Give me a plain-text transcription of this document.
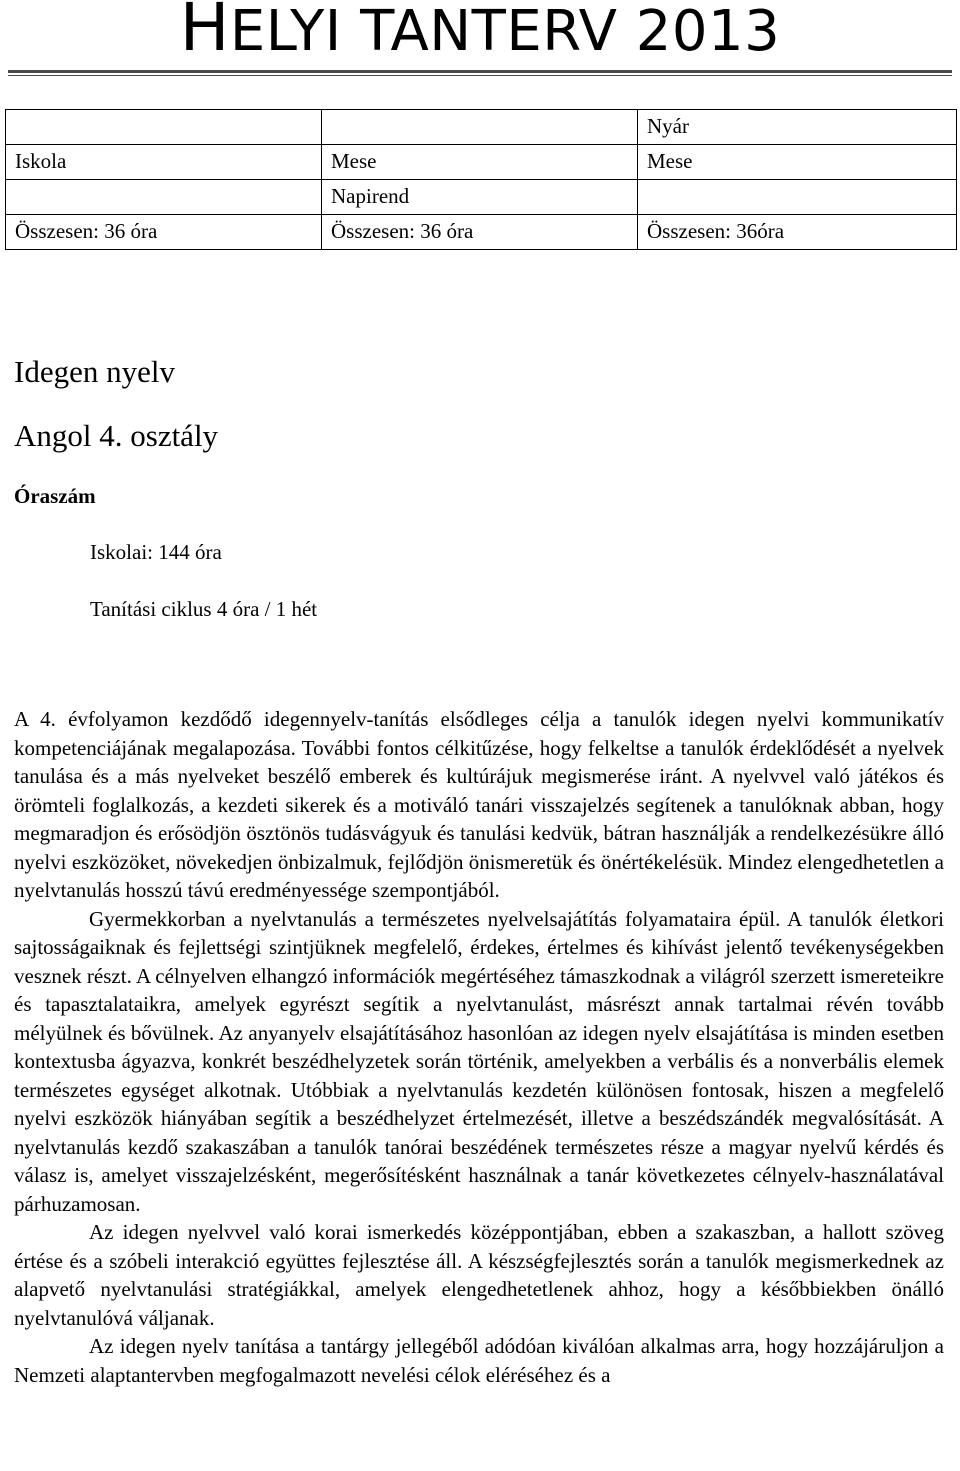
HELYI TANTERV 2013
		Nyár
Iskola	Mese	Mese
	Napirend	
Összesen: 36 óra	Összesen: 36 óra	Összesen: 36óra
Idegen nyelv
Angol 4. osztály
Óraszám
Iskolai: 144 óra
Tanítási ciklus 4 óra / 1 hét

A 4. évfolyamon kezdődő idegennyelv-tanítás elsődleges célja a tanulók idegen nyelvi kommunikatív kompetenciájának megalapozása. További fontos célkitűzése, hogy felkeltse a tanulók érdeklődését a nyelvek tanulása és a más nyelveket beszélő emberek és kultúrájuk megismerése iránt. A nyelvvel való játékos és örömteli foglalkozás, a kezdeti sikerek és a motiváló tanári visszajelzés segítenek a tanulóknak abban, hogy megmaradjon és erősödjön ösztönös tudásvágyuk és tanulási kedvük, bátran használják a rendelkezésükre álló nyelvi eszközöket, növekedjen önbizalmuk, fejlődjön önismeretük és önértékelésük. Mindez elengedhetetlen a nyelvtanulás hosszú távú eredményessége szempontjából.

Gyermekkorban a nyelvtanulás a természetes nyelvelsajátítás folyamataira épül. A tanulók életkori sajtosságaiknak és fejlettségi szintjüknek megfelelő, érdekes, értelmes és kihívást jelentő tevékenységekben vesznek részt. A célnyelven elhangzó információk megértéséhez támaszkodnak a világról szerzett ismereteikre és tapasztalataikra, amelyek egyrészt segítik a nyelvtanulást, másrészt annak tartalmai révén tovább mélyülnek és bővülnek. Az anyanyelv elsajátításához hasonlóan az idegen nyelv elsajátítása is minden esetben kontextusba ágyazva, konkrét beszédhelyzetek során történik, amelyekben a verbális és a nonverbális elemek természetes egységet alkotnak. Utóbbiak a nyelvtanulás kezdetén különösen fontosak, hiszen a megfelelő nyelvi eszközök hiányában segítik a beszédhelyzet értelmezését, illetve a beszédszándék megvalósítását. A nyelvtanulás kezdő szakaszában a tanulók tanórai beszédének természetes része a magyar nyelvű kérdés és válasz is, amelyet visszajelzésként, megerősítésként használnak a tanár következetes célnyelv-használatával párhuzamosan.

Az idegen nyelvvel való korai ismerkedés középpontjában, ebben a szakaszban, a hallott szöveg értése és a szóbeli interakció együttes fejlesztése áll. A készségfejlesztés során a tanulók megismerkednek az alapvető nyelvtanulási stratégiákkal, amelyek elengedhetetlenek ahhoz, hogy a későbbiekben önálló nyelvtanulóvá váljanak.

Az idegen nyelv tanítása a tantárgy jellegéből adódóan kiválóan alkalmas arra, hogy hozzájáruljon a Nemzeti alaptantervben megfogalmazott nevelési célok eléréséhez és a
